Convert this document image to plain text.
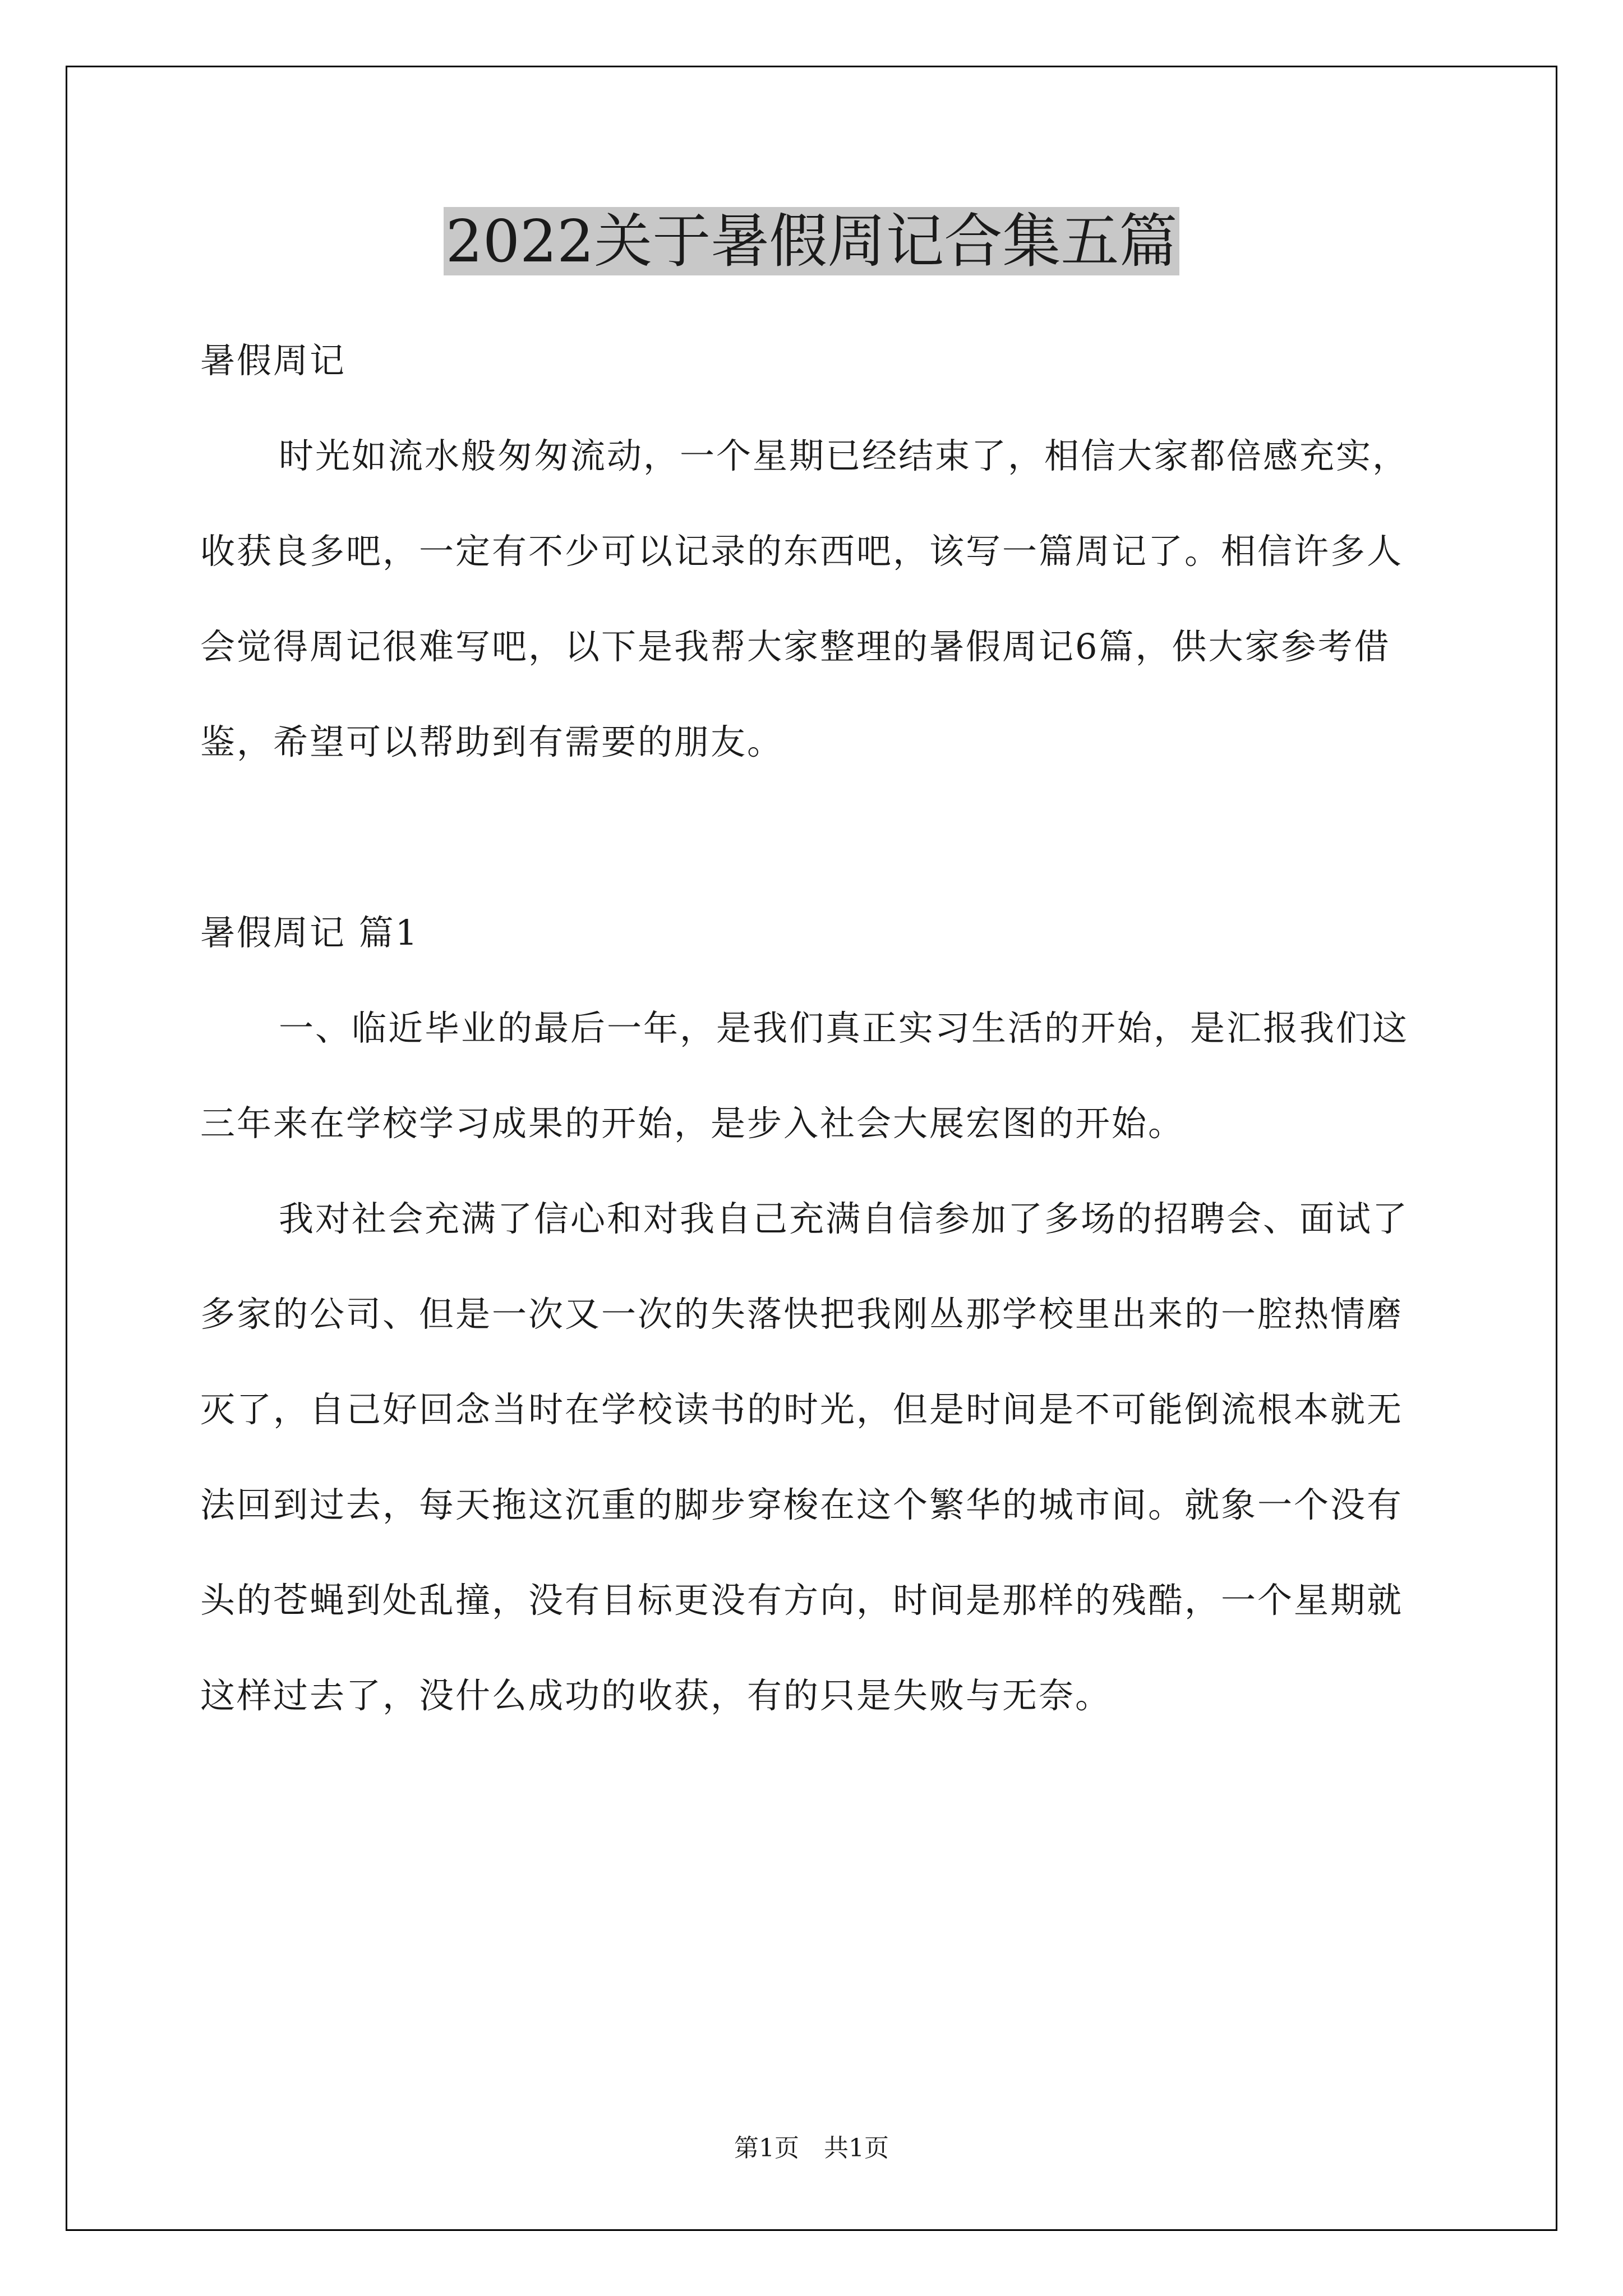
2022关于暑假周记合集五篇

暑假周记

时光如流水般匆匆流动，一个星期已经结束了，相信大家都倍感充实，收获良多吧，一定有不少可以记录的东西吧，该写一篇周记了。相信许多人会觉得周记很难写吧，以下是我帮大家整理的暑假周记6篇，供大家参考借鉴，希望可以帮助到有需要的朋友。

暑假周记 篇1

一、临近毕业的最后一年，是我们真正实习生活的开始，是汇报我们这三年来在学校学习成果的开始，是步入社会大展宏图的开始。

我对社会充满了信心和对我自己充满自信参加了多场的招聘会、面试了多家的公司、但是一次又一次的失落快把我刚丛那学校里出来的一腔热情磨灭了，自己好回念当时在学校读书的时光，但是时间是不可能倒流根本就无法回到过去，每天拖这沉重的脚步穿梭在这个繁华的城市间。就象一个没有头的苍蝇到处乱撞，没有目标更没有方向，时间是那样的残酷，一个星期就这样过去了，没什么成功的收获，有的只是失败与无奈。

第1页　共1页
